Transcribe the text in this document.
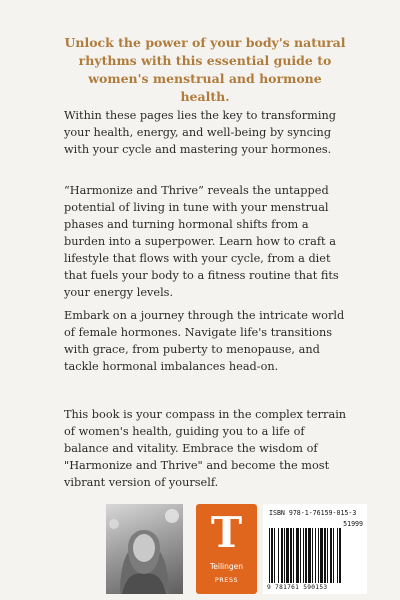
Unlock the power of your body's natural rhythms with this essential guide to women's menstrual and hormone health.
Within these pages lies the key to transforming your health, energy, and well-being by syncing with your cycle and mastering your hormones.
“Harmonize and Thrive” reveals the untapped potential of living in tune with your menstrual phases and turning hormonal shifts from a burden into a superpower. Learn how to craft a lifestyle that flows with your cycle, from a diet that fuels your body to a fitness routine that fits your energy levels.
Embark on a journey through the intricate world of female hormones. Navigate life's transitions with grace, from puberty to menopause, and tackle hormonal imbalances head-on.
This book is your compass in the complex terrain of women's health, guiding you to a life of balance and vitality. Embrace the wisdom of "Harmonize and Thrive" and become the most vibrant version of yourself.
T
Teilingen
PRESS
ISBN 978-1-76159-015-3
51999
9 781761 590153
